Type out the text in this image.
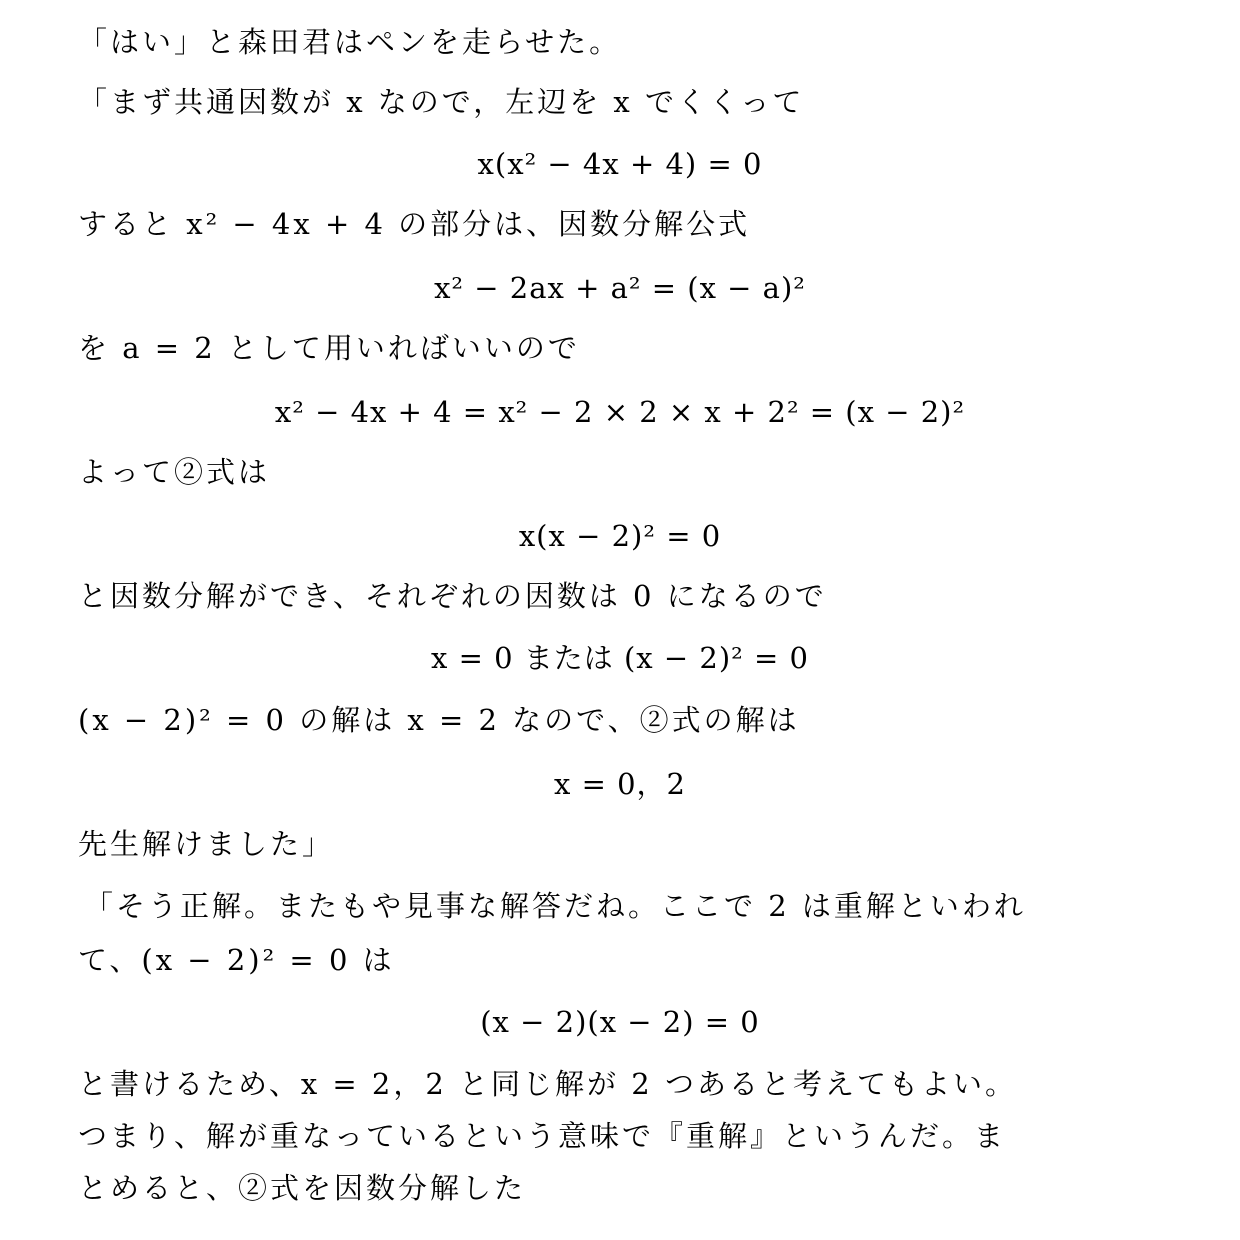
「はい」と森田君はペンを走らせた。
「まず共通因数が x なので，左辺を x でくくって
x(x² − 4x + 4) = 0
すると x² − 4x + 4 の部分は、因数分解公式
x² − 2ax + a² = (x − a)²
を a = 2 として用いればいいので
x² − 4x + 4 = x² − 2 × 2 × x + 2² = (x − 2)²
よって②式は
x(x − 2)² = 0
と因数分解ができ、それぞれの因数は 0 になるので
x = 0 または (x − 2)² = 0
(x − 2)² = 0 の解は x = 2 なので、②式の解は
x = 0，2
先生解けました」
「そう正解。またもや見事な解答だね。ここで 2 は重解といわれ
て、(x − 2)² = 0 は
(x − 2)(x − 2) = 0
と書けるため、x = 2，2 と同じ解が 2 つあると考えてもよい。
つまり、解が重なっているという意味で『重解』というんだ。ま
とめると、②式を因数分解した
